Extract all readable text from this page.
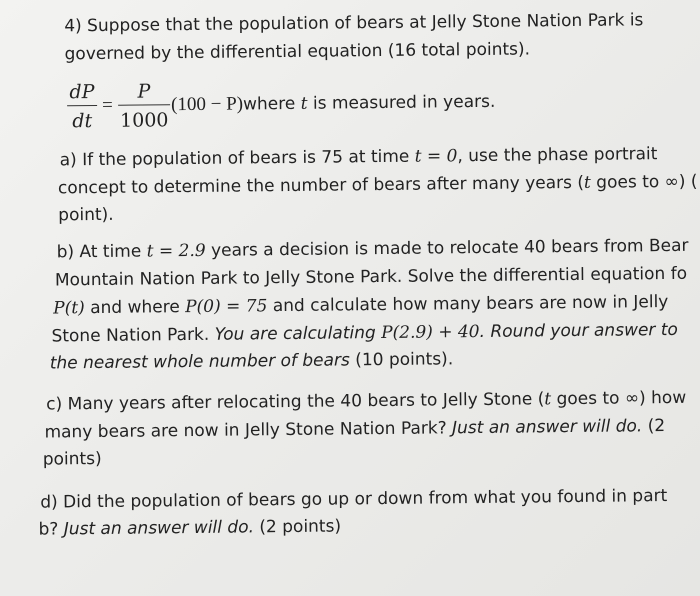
4) Suppose that the population of bears at Jelly Stone Nation Park is
governed by the differential equation (16 total points).
dP
dt
=
P
1000
(100 − P)where t is measured in years.
a) If the population of bears is 75 at time t = 0, use the phase portrait
concept to determine the number of bears after many years (t goes to ∞) (
point).
b) At time t = 2.9 years a decision is made to relocate 40 bears from Bear
Mountain Nation Park to Jelly Stone Park. Solve the differential equation fo
P(t) and where P(0) = 75 and calculate how many bears are now in Jelly
Stone Nation Park. You are calculating P(2.9) + 40. Round your answer to
the nearest whole number of bears (10 points).
c) Many years after relocating the 40 bears to Jelly Stone (t goes to ∞) how
many bears are now in Jelly Stone Nation Park? Just an answer will do. (2
points)
d) Did the population of bears go up or down from what you found in part
b? Just an answer will do. (2 points)
